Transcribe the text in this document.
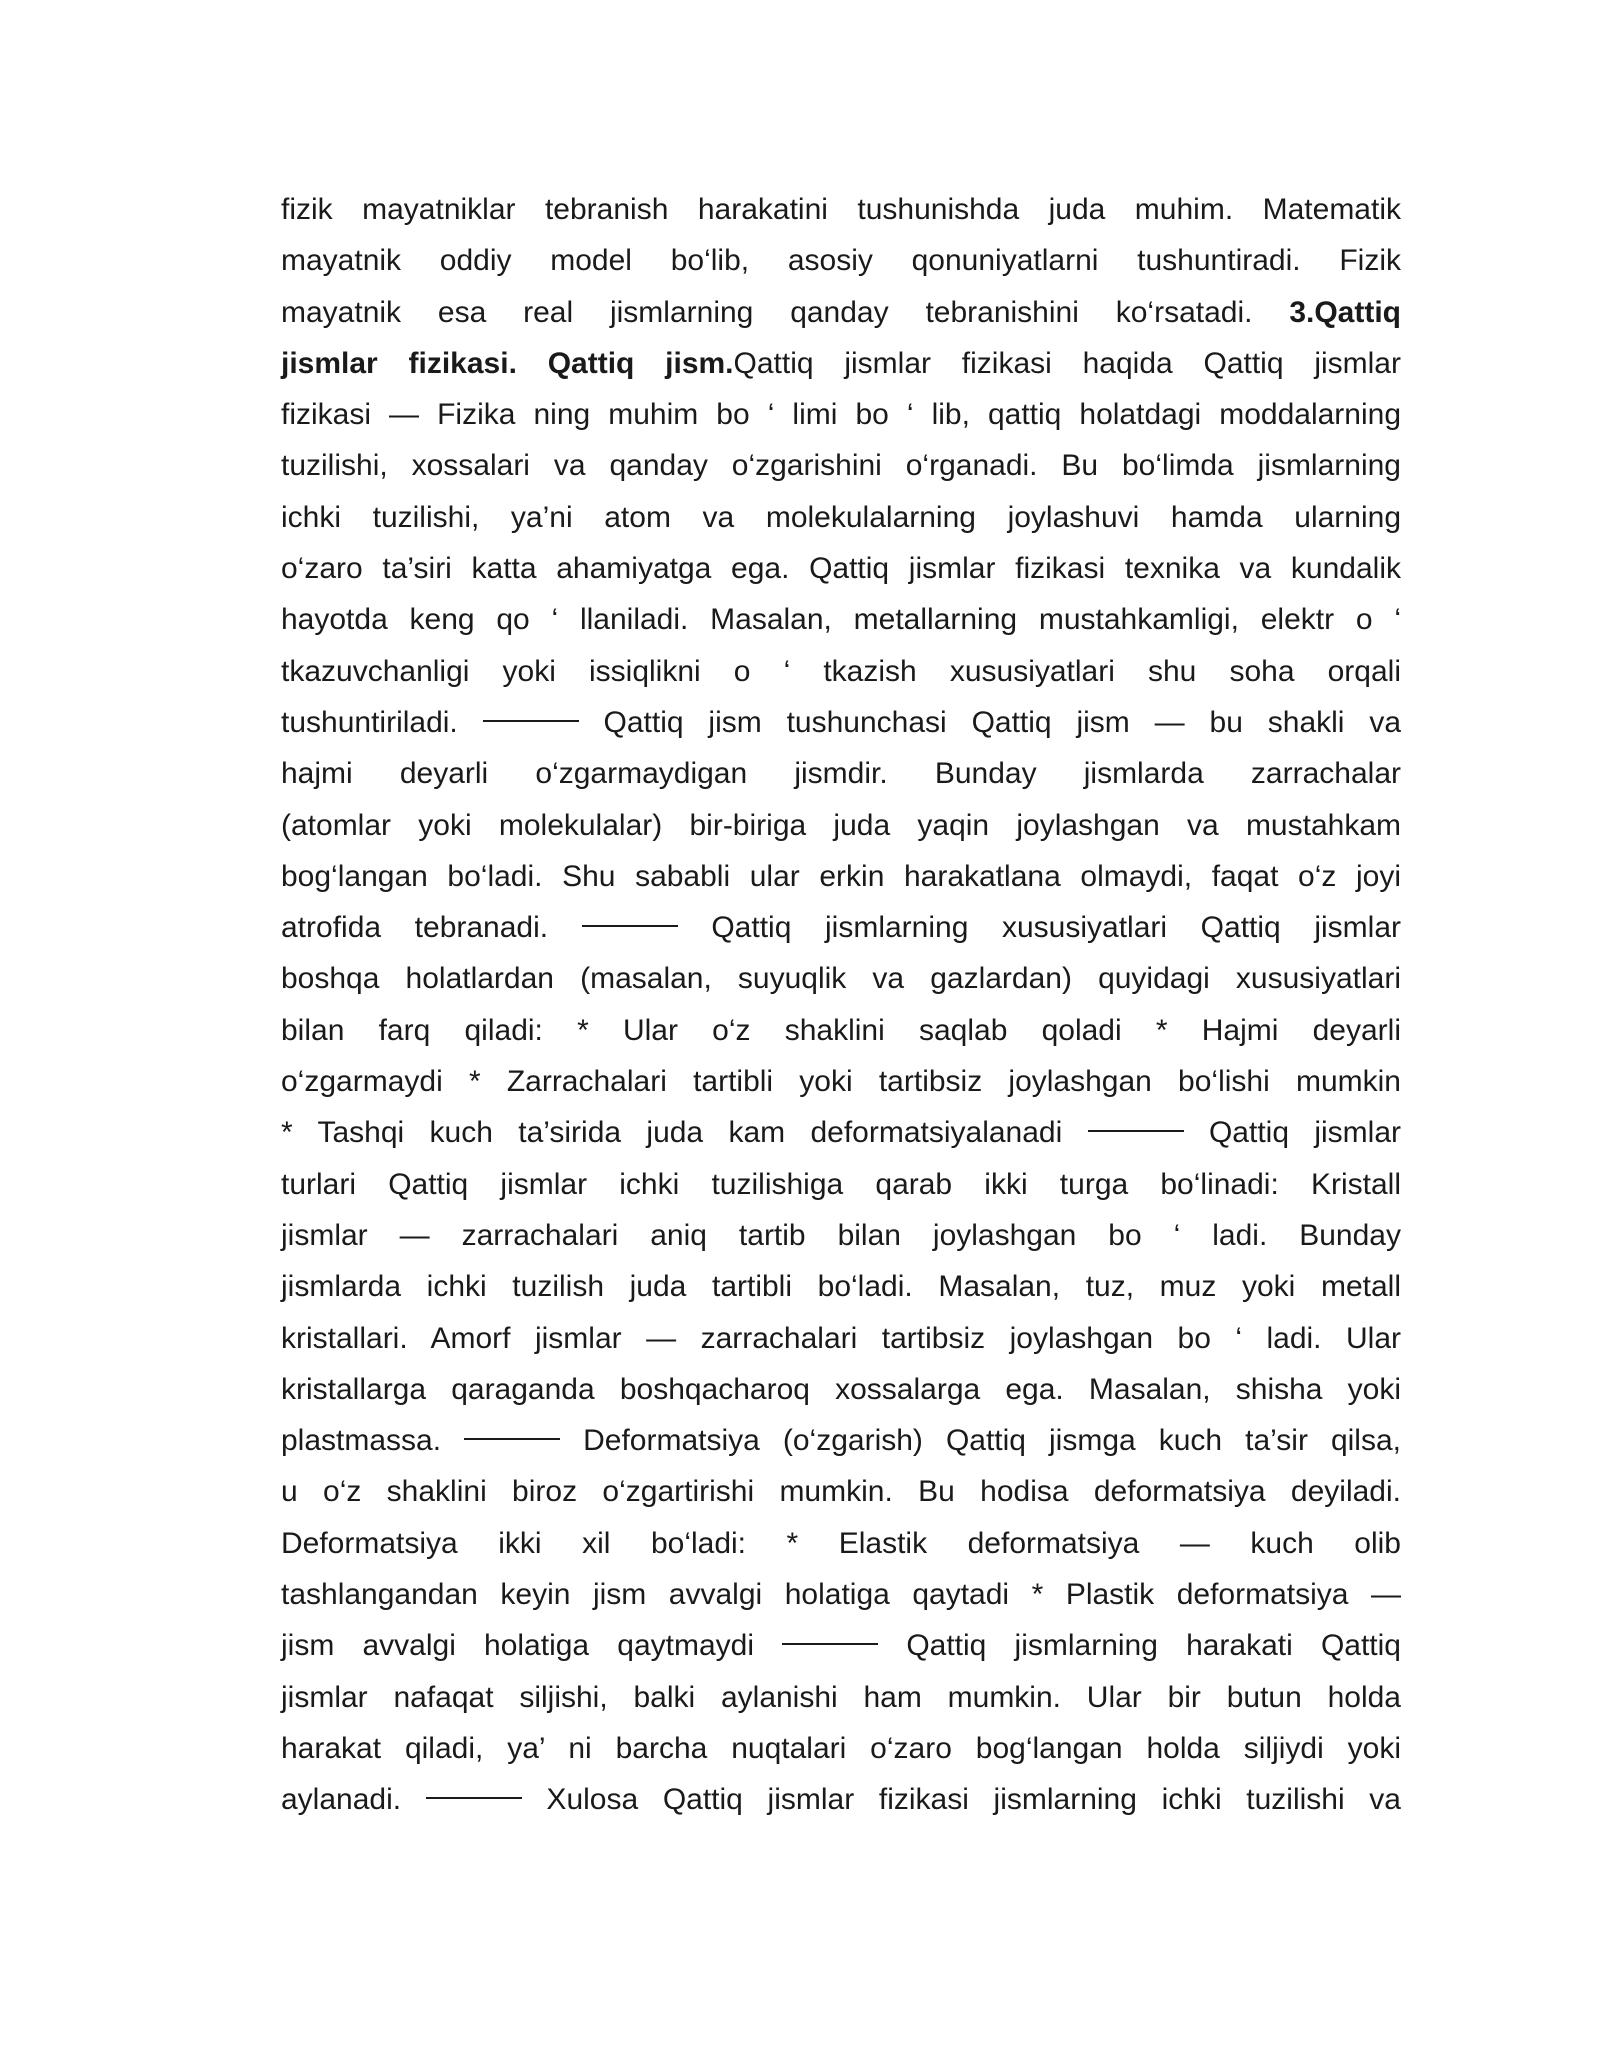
fizik mayatniklar tebranish harakatini tushunishda juda muhim. Matematik
mayatnik oddiy model bo‘lib, asosiy qonuniyatlarni tushuntiradi. Fizik
mayatnik esa real jismlarning qanday tebranishini ko‘rsatadi. 3.Qattiq
jismlar fizikasi. Qattiq jism.Qattiq jismlar fizikasi haqida Qattiq jismlar
fizikasi — Fizika ning muhim bo ‘ limi bo ‘ lib, qattiq holatdagi moddalarning
tuzilishi, xossalari va qanday o‘zgarishini o‘rganadi. Bu bo‘limda jismlarning
ichki tuzilishi, ya’ni atom va molekulalarning joylashuvi hamda ularning
o‘zaro ta’siri katta ahamiyatga ega. Qattiq jismlar fizikasi texnika va kundalik
hayotda keng qo ‘ llaniladi. Masalan, metallarning mustahkamligi, elektr o ‘
tkazuvchanligi yoki issiqlikni o ‘ tkazish xususiyatlari shu soha orqali
tushuntiriladi.	Qattiq jism tushunchasi Qattiq jism — bu shakli va
hajmi deyarli o‘zgarmaydigan jismdir. Bunday jismlarda zarrachalar
(atomlar yoki molekulalar) bir-biriga juda yaqin joylashgan va mustahkam
bog‘langan bo‘ladi. Shu sababli ular erkin harakatlana olmaydi, faqat o‘z joyi
atrofida tebranadi.	Qattiq jismlarning xususiyatlari Qattiq jismlar
boshqa holatlardan (masalan, suyuqlik va gazlardan) quyidagi xususiyatlari
bilan farq qiladi: * Ular o‘z shaklini saqlab qoladi * Hajmi deyarli
o‘zgarmaydi * Zarrachalari tartibli yoki tartibsiz joylashgan bo‘lishi mumkin
* Tashqi kuch ta’sirida juda kam deformatsiyalanadi	Qattiq jismlar
turlari Qattiq jismlar ichki tuzilishiga qarab ikki turga bo‘linadi: Kristall
jismlar — zarrachalari aniq tartib bilan joylashgan bo ‘ ladi. Bunday
jismlarda ichki tuzilish juda tartibli bo‘ladi. Masalan, tuz, muz yoki metall
kristallari. Amorf jismlar — zarrachalari tartibsiz joylashgan bo ‘ ladi. Ular
kristallarga qaraganda boshqacharoq xossalarga ega. Masalan, shisha yoki
plastmassa.	Deformatsiya (o‘zgarish) Qattiq jismga kuch ta’sir qilsa,
u o‘z shaklini biroz o‘zgartirishi mumkin. Bu hodisa deformatsiya deyiladi.
Deformatsiya ikki xil bo‘ladi: * Elastik deformatsiya — kuch olib
tashlangandan keyin jism avvalgi holatiga qaytadi * Plastik deformatsiya —
jism avvalgi holatiga qaytmaydi	Qattiq jismlarning harakati Qattiq
jismlar nafaqat siljishi, balki aylanishi ham mumkin. Ular bir butun holda
harakat qiladi, ya’ ni barcha nuqtalari o‘zaro bog‘langan holda siljiydi yoki
aylanadi.	Xulosa Qattiq jismlar fizikasi jismlarning ichki tuzilishi va
